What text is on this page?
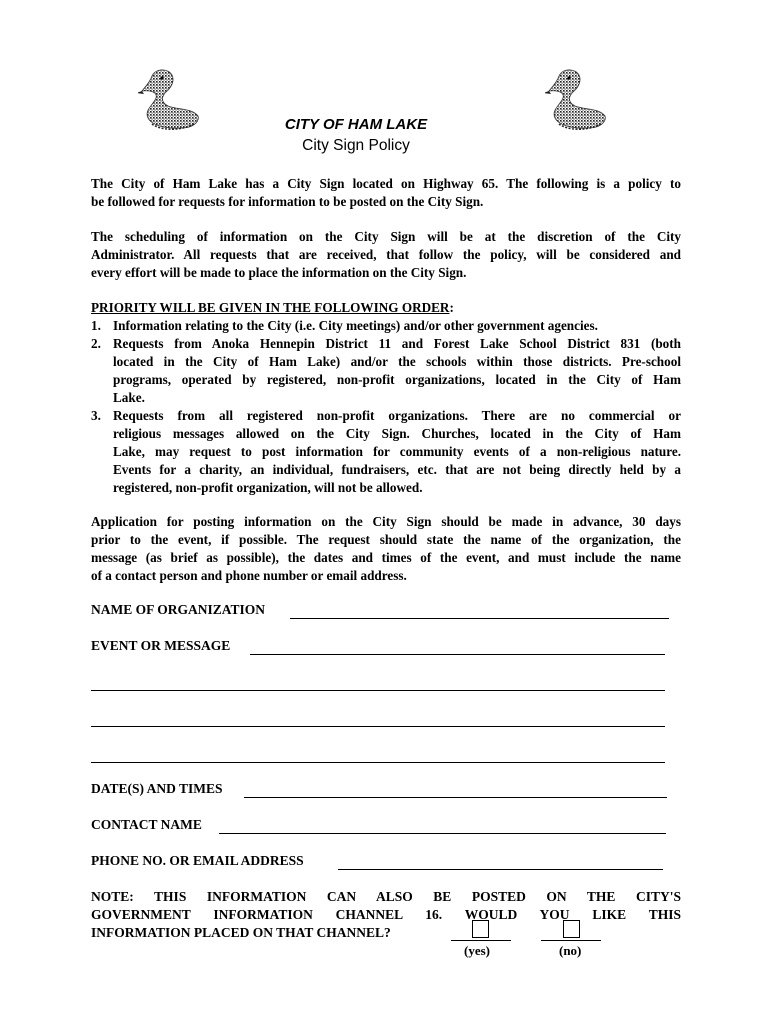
CITY OF HAM LAKE
City Sign Policy
The City of Ham Lake has a City Sign located on Highway 65. The following is a policy to
be followed for requests for information to be posted on the City Sign.
The scheduling of information on the City Sign will be at the discretion of the City
Administrator. All requests that are received, that follow the policy, will be considered and
every effort will be made to place the information on the City Sign.
PRIORITY WILL BE GIVEN IN THE FOLLOWING ORDER:
1. Information relating to the City (i.e. City meetings) and/or other government agencies.
2. Requests from Anoka Hennepin District 11 and Forest Lake School District 831 (both
located in the City of Ham Lake) and/or the schools within those districts. Pre-school
programs, operated by registered, non-profit organizations, located in the City of Ham
Lake.
3. Requests from all registered non-profit organizations. There are no commercial or
religious messages allowed on the City Sign. Churches, located in the City of Ham
Lake, may request to post information for community events of a non-religious nature.
Events for a charity, an individual, fundraisers, etc. that are not being directly held by a
registered, non-profit organization, will not be allowed.
Application for posting information on the City Sign should be made in advance, 30 days
prior to the event, if possible. The request should state the name of the organization, the
message (as brief as possible), the dates and times of the event, and must include the name
of a contact person and phone number or email address.
NAME OF ORGANIZATION
EVENT OR MESSAGE
DATE(S) AND TIMES
CONTACT NAME
PHONE NO. OR EMAIL ADDRESS
NOTE: THIS INFORMATION CAN ALSO BE POSTED ON THE CITY'S
GOVERNMENT INFORMATION CHANNEL 16. WOULD YOU LIKE THIS
INFORMATION PLACED ON THAT CHANNEL?
(yes)	(no)
